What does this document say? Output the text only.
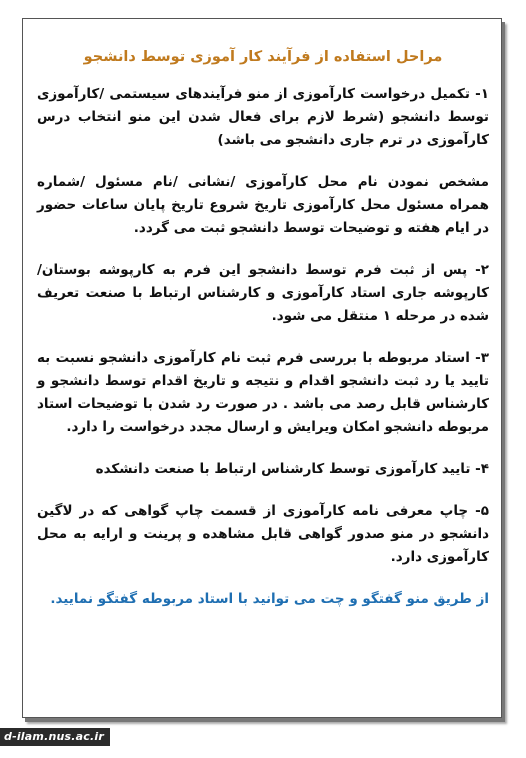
مراحل استفاده از فرآیند کار آموزی توسط دانشجو

۱- تکمیل درخواست کارآموزی از منو فرآیندهای سیستمی /کارآموزی توسط دانشجو (شرط لازم برای فعال شدن این منو انتخاب درس کارآموزی در ترم جاری دانشجو می باشد)

مشخص نمودن نام محل کارآموزی /نشانی /نام مسئول /شماره همراه مسئول محل کارآموزی تاریخ شروع تاریخ پایان ساعات حضور در ایام هفته و توضیحات توسط دانشجو ثبت می گردد.

۲- پس از ثبت فرم توسط دانشجو این فرم به کارپوشه بوستان/کارپوشه جاری استاد کارآموزی و کارشناس ارتباط با صنعت تعریف شده در مرحله ۱ منتقل می شود.

۳- استاد مربوطه با بررسی فرم ثبت نام کارآموزی دانشجو نسبت به تایید یا رد ثبت دانشجو اقدام و نتیجه و تاریخ اقدام توسط دانشجو و کارشناس قابل رصد می باشد . در صورت رد شدن با توضیحات استاد مربوطه دانشجو امکان ویرایش و ارسال مجدد درخواست را دارد.

۴- تایید کارآموزی توسط کارشناس ارتباط با صنعت دانشکده

۵- چاپ معرفی نامه کارآموزی از قسمت چاپ گواهی که در لاگین دانشجو در منو صدور گواهی قابل مشاهده و پرینت و ارایه به محل کارآموزی دارد.

از طریق منو گفتگو و چت می توانید با استاد مربوطه گفتگو نمایید.

d-ilam.nus.ac.ir
